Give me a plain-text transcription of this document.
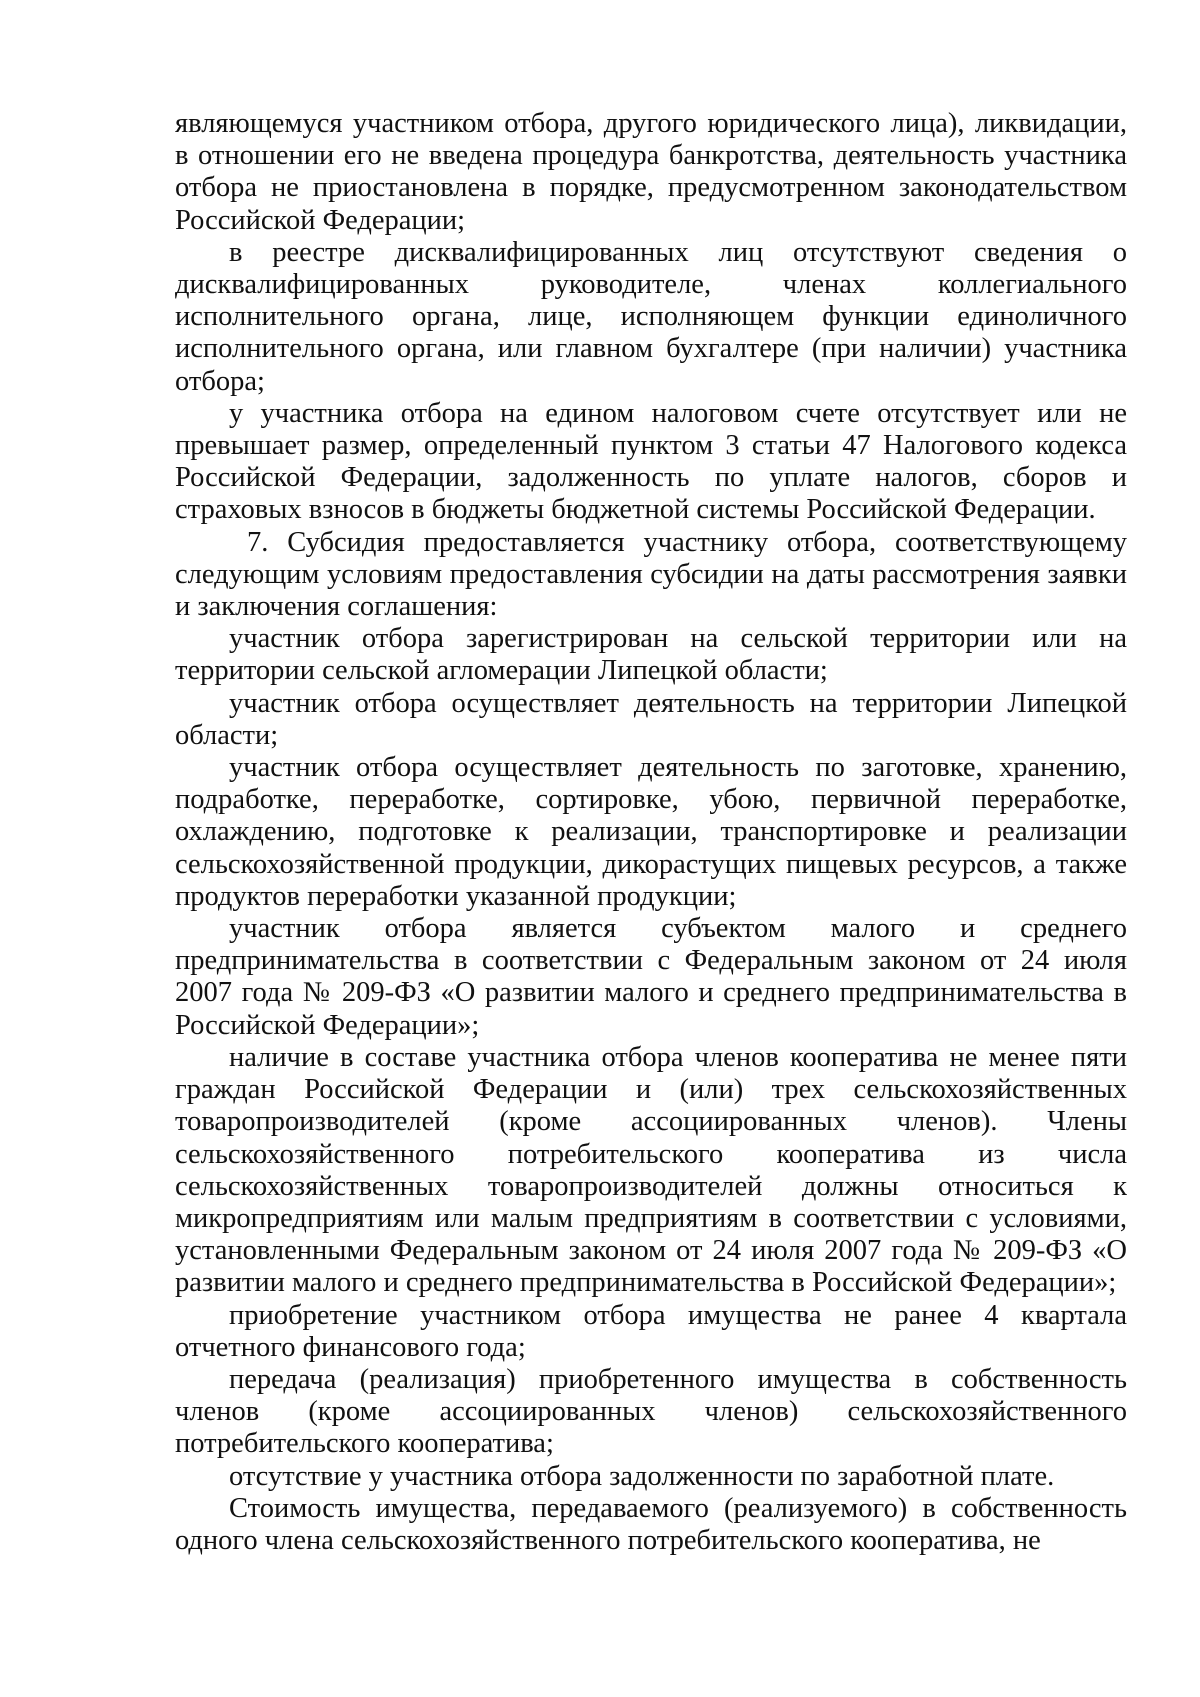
являющемуся участником отбора, другого юридического лица), ликвидации, в отношении его не введена процедура банкротства, деятельность участника отбора не приостановлена в порядке, предусмотренном законодательством Российской Федерации;

в реестре дисквалифицированных лиц отсутствуют сведения о дисквалифицированных руководителе, членах коллегиального исполнительного органа, лице, исполняющем функции единоличного исполнительного органа, или главном бухгалтере (при наличии) участника отбора;

у участника отбора на едином налоговом счете отсутствует или не превышает размер, определенный пунктом 3 статьи 47 Налогового кодекса Российской Федерации, задолженность по уплате налогов, сборов и страховых взносов в бюджеты бюджетной системы Российской Федерации.

7. Субсидия предоставляется участнику отбора, соответствующему следующим условиям предоставления субсидии на даты рассмотрения заявки и заключения соглашения:

участник отбора зарегистрирован на сельской территории или на территории сельской агломерации Липецкой области;

участник отбора осуществляет деятельность на территории Липецкой области;

участник отбора осуществляет деятельность по заготовке, хранению, подработке, переработке, сортировке, убою, первичной переработке, охлаждению, подготовке к реализации, транспортировке и реализации сельскохозяйственной продукции, дикорастущих пищевых ресурсов, а также продуктов переработки указанной продукции;

участник отбора является субъектом малого и среднего предпринимательства в соответствии с Федеральным законом от 24 июля 2007 года № 209-ФЗ «О развитии малого и среднего предпринимательства в Российской Федерации»;

наличие в составе участника отбора членов кооператива не менее пяти граждан Российской Федерации и (или) трех сельскохозяйственных товаропроизводителей (кроме ассоциированных членов). Члены сельскохозяйственного потребительского кооператива из числа сельскохозяйственных товаропроизводителей должны относиться к микропредприятиям или малым предприятиям в соответствии с условиями, установленными Федеральным законом от 24 июля 2007 года № 209-ФЗ «О развитии малого и среднего предпринимательства в Российской Федерации»;

приобретение участником отбора имущества не ранее 4 квартала отчетного финансового года;

передача (реализация) приобретенного имущества в собственность членов (кроме ассоциированных членов) сельскохозяйственного потребительского кооператива;

отсутствие у участника отбора задолженности по заработной плате.

Стоимость имущества, передаваемого (реализуемого) в собственность одного члена сельскохозяйственного потребительского кооператива, не
